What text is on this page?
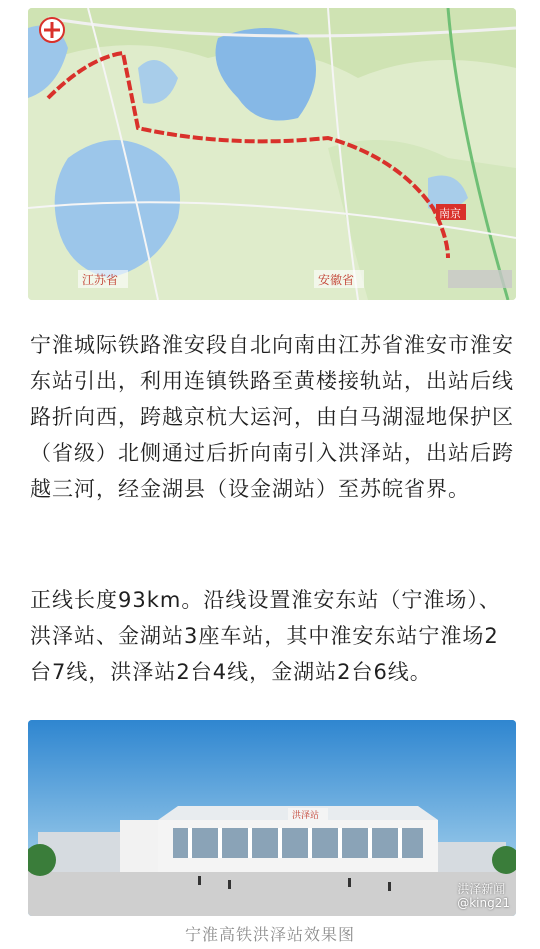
江苏省	安徽省
南京

宁淮城际铁路淮安段自北向南由江苏省淮安市淮安东站引出，利用连镇铁路至黄楼接轨站，出站后线路折向西，跨越京杭大运河，由白马湖湿地保护区（省级）北侧通过后折向南引入洪泽站，出站后跨越三河，经金湖县（设金湖站）至苏皖省界。

正线长度93km。沿线设置淮安东站（宁淮场）、洪泽站、金湖站3座车站，其中淮安东站宁淮场2台7线，洪泽站2台4线，金湖站2台6线。

洪泽站
洪泽新闻
@king21
宁淮高铁洪泽站效果图
